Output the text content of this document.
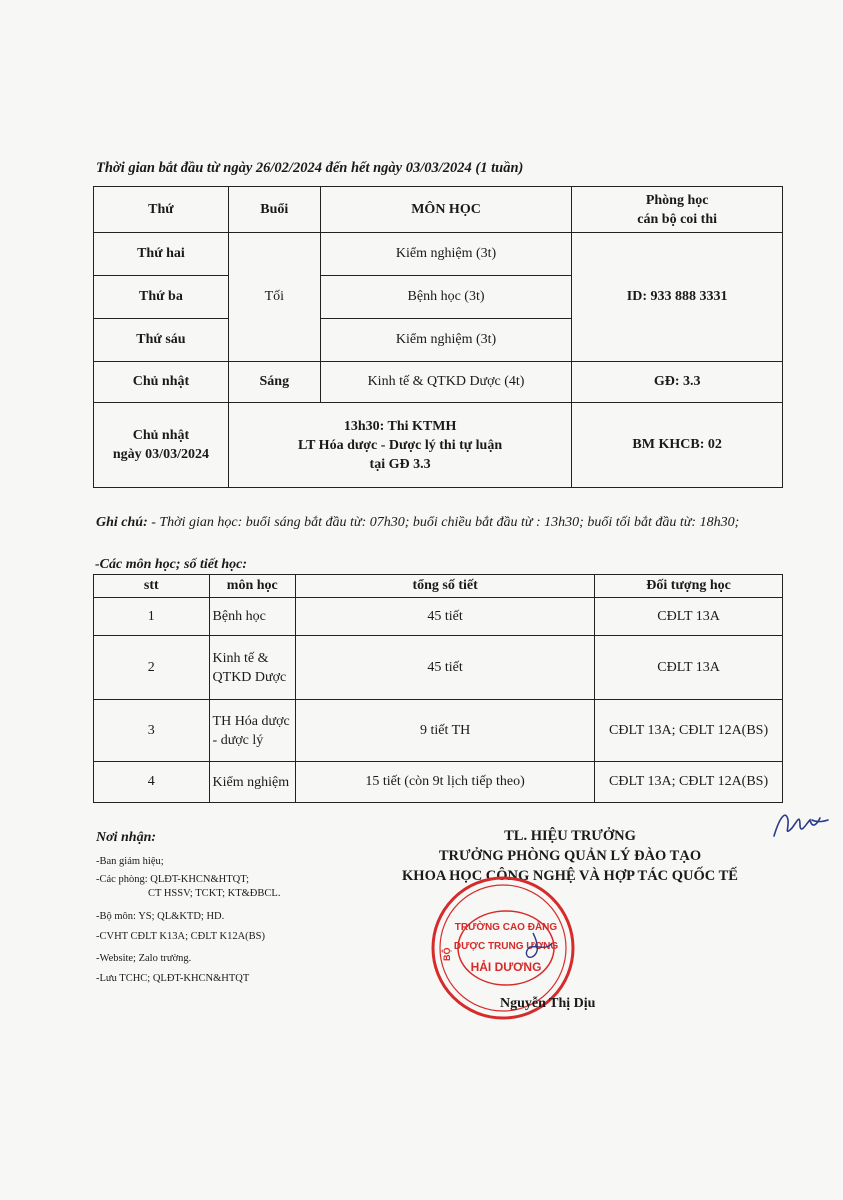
Thời gian bắt đầu từ ngày 26/02/2024 đến hết ngày 03/03/2024 (1 tuần)
Thứ	Buổi	MÔN HỌC	Phòng học
cán bộ coi thi
Thứ hai	Tối	Kiểm nghiệm (3t)	ID: 933 888 3331
Thứ ba		Bệnh học (3t)	
Thứ sáu		Kiểm nghiệm (3t)	
Chủ nhật	Sáng	Kinh tế & QTKD Dược (4t)	GĐ: 3.3
Chủ nhật
ngày 03/03/2024	13h30: Thi KTMH
LT Hóa dược - Dược lý thi tự luận
tại GĐ 3.3		BM KHCB: 02
Ghi chú: - Thời gian học: buổi sáng bắt đầu từ: 07h30; buổi chiều bắt đầu từ : 13h30; buổi tối bắt đầu từ: 18h30;
-Các môn học; số tiết học:
stt	môn học	tổng số tiết	Đối tượng học
1	Bệnh học	45 tiết	CĐLT 13A
2	Kinh tế & QTKD Dược	45 tiết	CĐLT 13A
3	TH Hóa dược - dược lý	9 tiết TH	CĐLT 13A; CĐLT 12A(BS)
4	Kiểm nghiệm	15 tiết (còn 9t lịch tiếp theo)	CĐLT 13A; CĐLT 12A(BS)
Nơi nhận:
-Ban giám hiệu;
-Các phòng: QLĐT-KHCN&HTQT;
CT HSSV; TCKT; KT&ĐBCL.
-Bộ môn: YS; QL&KTD; HD.
-CVHT CĐLT K13A; CĐLT K12A(BS)
-Website; Zalo trường.
-Lưu TCHC; QLĐT-KHCN&HTQT
TL. HIỆU TRƯỞNG
TRƯỞNG PHÒNG QUẢN LÝ ĐÀO TẠO
KHOA HỌC CÔNG NGHỆ VÀ HỢP TÁC QUỐC TẾ
TRƯỜNG CAO ĐẲNG
DƯỢC TRUNG ƯƠNG
HẢI DƯƠNG
BỘ
Nguyễn Thị Dịu
